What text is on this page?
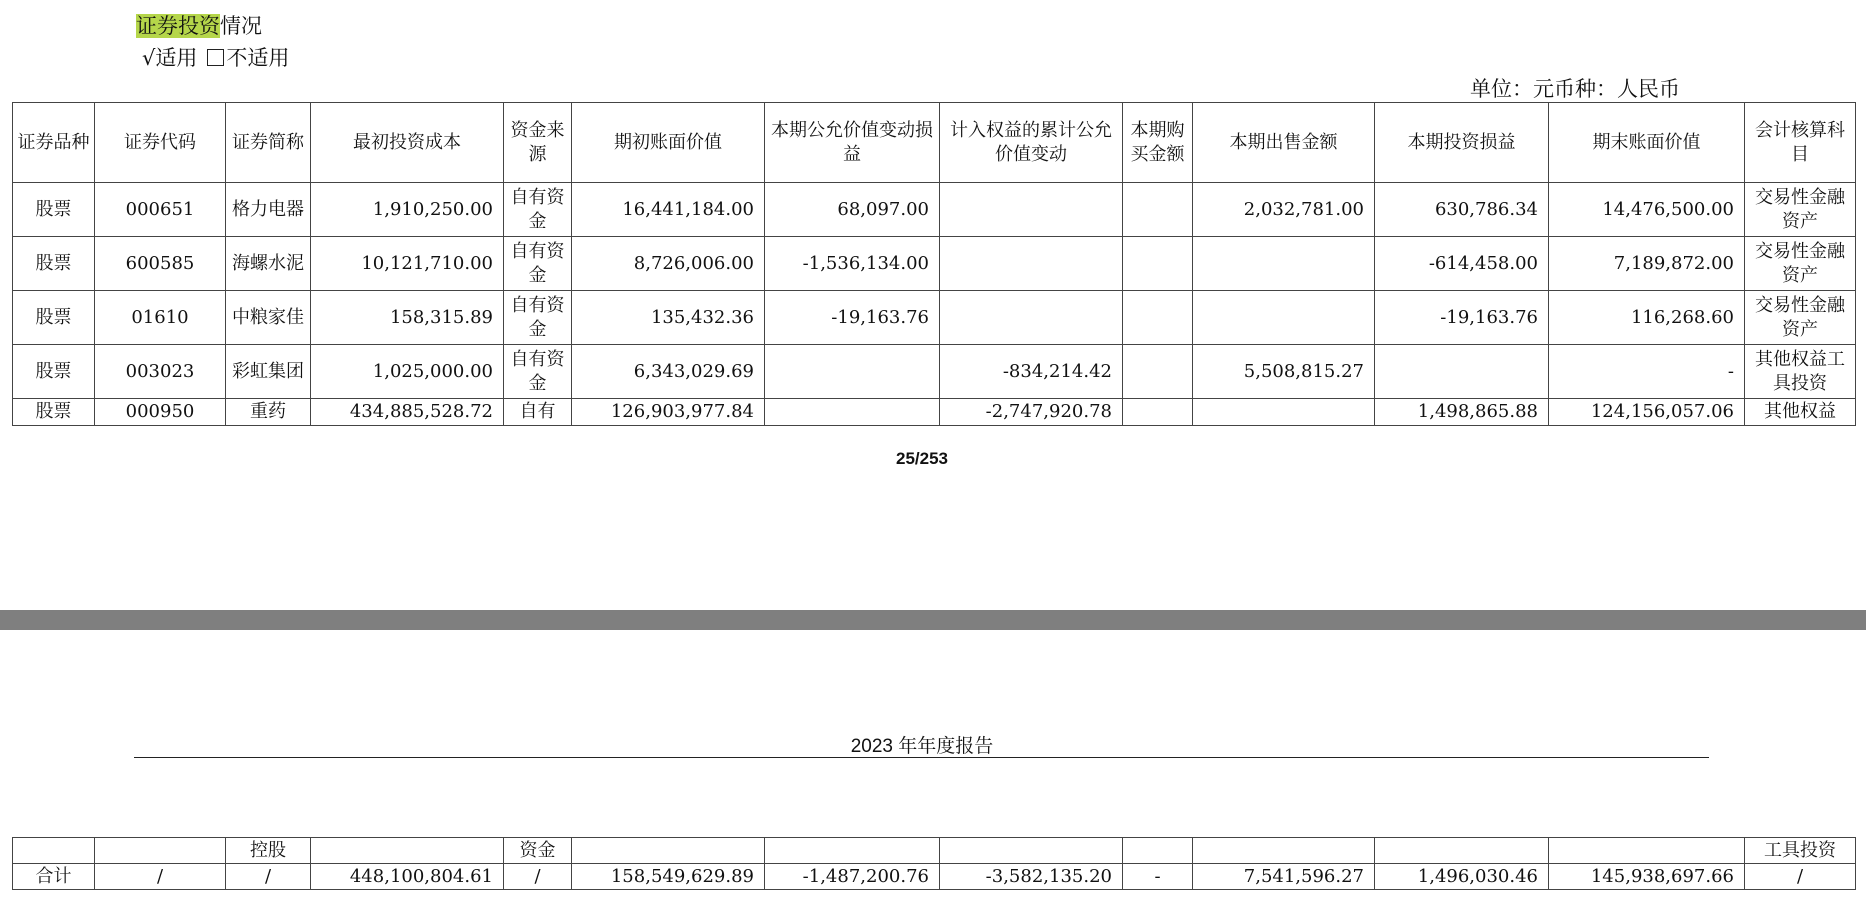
证券投资情况
√适用 不适用
单位：元币种：人民币
证券品种	证券代码	证券简称	最初投资成本	资金来源	期初账面价值	本期公允价值变动损益	计入权益的累计公允价值变动	本期购买金额	本期出售金额	本期投资损益	期末账面价值	会计核算科目
股票	000651	格力电器	1,910,250.00	自有资金	16,441,184.00	68,097.00			2,032,781.00	630,786.34	14,476,500.00	交易性金融资产
股票	600585	海螺水泥	10,121,710.00	自有资金	8,726,006.00	-1,536,134.00				-614,458.00	7,189,872.00	交易性金融资产
股票	01610	中粮家佳	158,315.89	自有资金	135,432.36	-19,163.76				-19,163.76	116,268.60	交易性金融资产
股票	003023	彩虹集团	1,025,000.00	自有资金	6,343,029.69		-834,214.42		5,508,815.27		-	其他权益工具投资
股票	000950	重药	434,885,528.72	自有	126,903,977.84		-2,747,920.78			1,498,865.88	124,156,057.06	其他权益
25/253
2023 年年度报告
		控股		资金								工具投资
合计	/	/	448,100,804.61	/	158,549,629.89	-1,487,200.76	-3,582,135.20	-	7,541,596.27	1,496,030.46	145,938,697.66	/
